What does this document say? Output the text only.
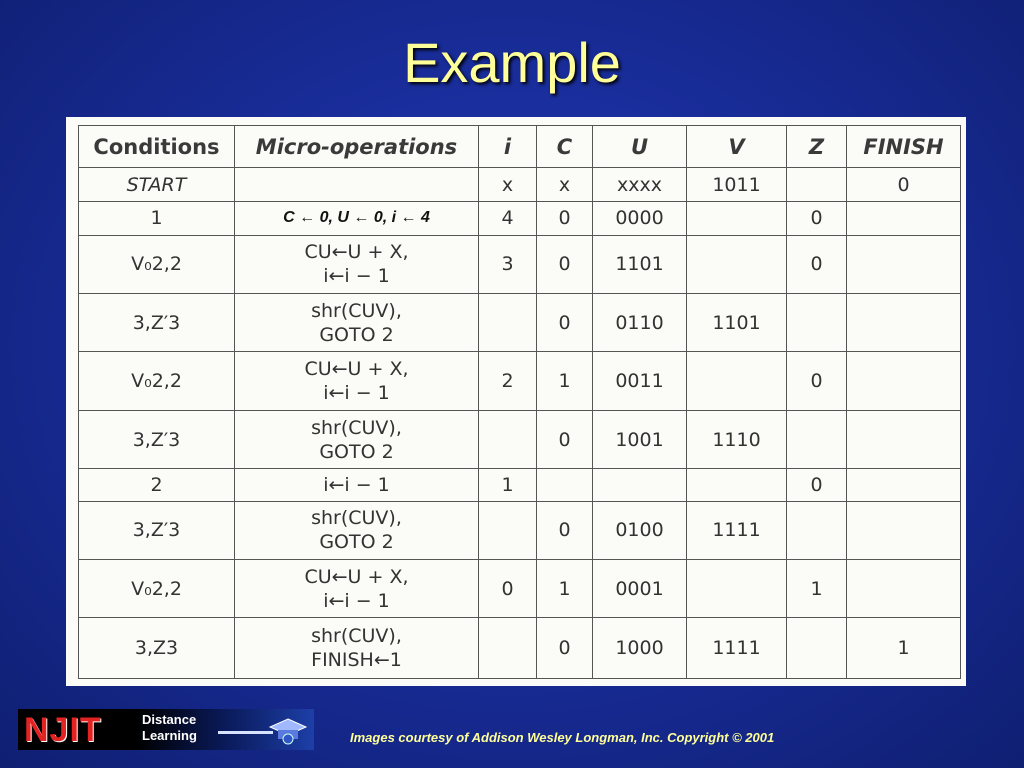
Example
Conditions	Micro-operations	i	C	U	V	Z	FINISH

START		x	x	xxxx	1011		0

1	C ← 0, U ← 0, i ← 4	4	0	0000		0	

V₀2,2	CU←U + X,
i←i − 1	3	0	1101		0	

3,Z′3	shr(CUV),
GOTO 2		0	0110	1101		

V₀2,2	CU←U + X,
i←i − 1	2	1	0011		0	

3,Z′3	shr(CUV),
GOTO 2		0	1001	1110		

2	i←i − 1	1				0	

3,Z′3	shr(CUV),
GOTO 2		0	0100	1111		

V₀2,2	CU←U + X,
i←i − 1	0	1	0001		1	

3,Z3	shr(CUV),
FINISH←1		0	1000	1111		1
NJIT	Distance
Learning	Images courtesy of Addison Wesley Longman, Inc. Copyright © 2001
